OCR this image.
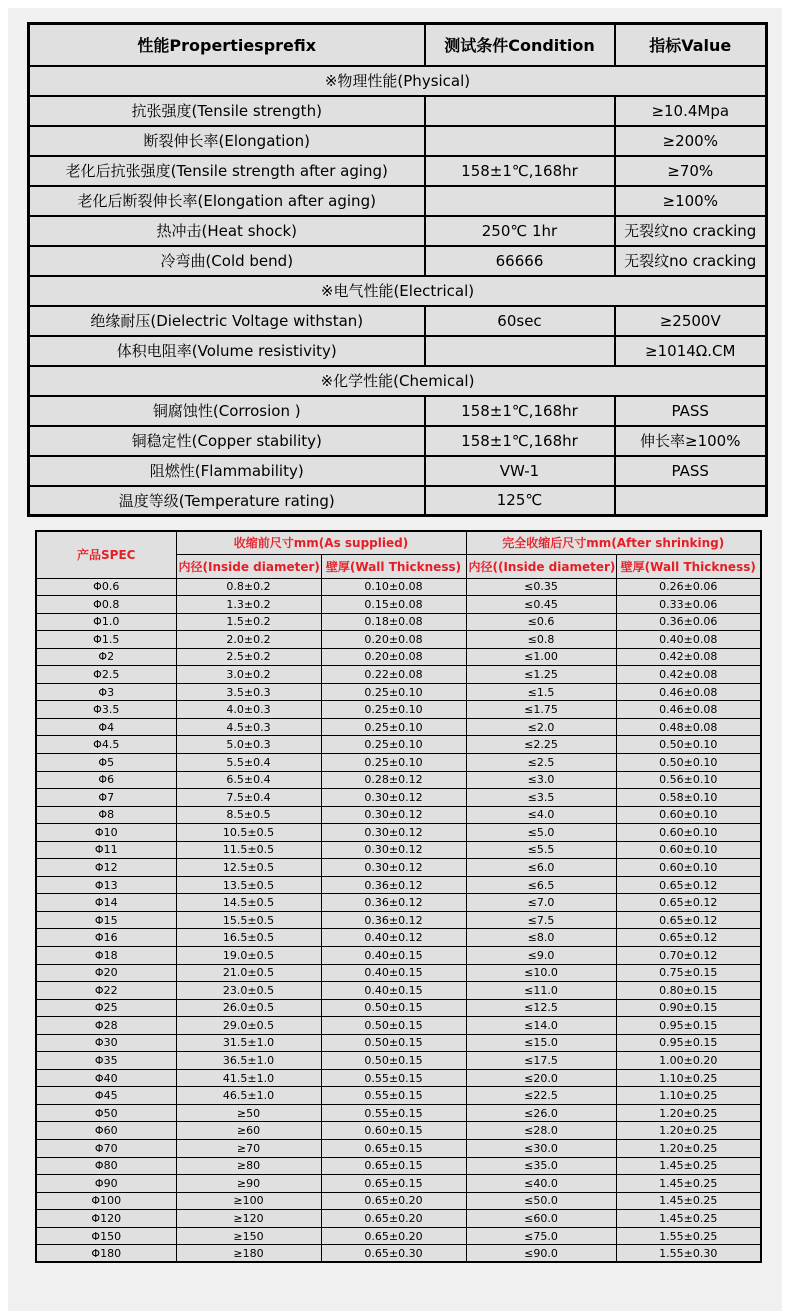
性能Propertiesprefix	测试条件Condition	指标Value
※物理性能(Physical)		
抗张强度(Tensile strength)		≥10.4Mpa
断裂伸长率(Elongation)		≥200%
老化后抗张强度(Tensile strength after aging)	158±1℃,168hr	≥70%
老化后断裂伸长率(Elongation after aging)		≥100%
热冲击(Heat shock)	250℃ 1hr	无裂纹no cracking
冷弯曲(Cold bend)	66666	无裂纹no cracking
※电气性能(Electrical)		
绝缘耐压(Dielectric Voltage withstan)	60sec	≥2500V
体积电阻率(Volume resistivity)		≥1014Ω.CM
※化学性能(Chemical)		
铜腐蚀性(Corrosion )	158±1℃,168hr	PASS
铜稳定性(Copper stability)	158±1℃,168hr	伸长率≥100%
阻燃性(Flammability)	VW-1	PASS
温度等级(Temperature rating)	125℃	
产品SPEC	收缩前尺寸mm(As supplied)		完全收缩后尺寸mm(After shrinking)	
	内径(Inside diameter)	壁厚(Wall Thickness)	内径((Inside diameter)	壁厚(Wall Thickness)
Φ0.6	0.8±0.2	0.10±0.08	≤0.35	0.26±0.06
Φ0.8	1.3±0.2	0.15±0.08	≤0.45	0.33±0.06
Φ1.0	1.5±0.2	0.18±0.08	≤0.6	0.36±0.06
Φ1.5	2.0±0.2	0.20±0.08	≤0.8	0.40±0.08
Φ2	2.5±0.2	0.20±0.08	≤1.00	0.42±0.08
Φ2.5	3.0±0.2	0.22±0.08	≤1.25	0.42±0.08
Φ3	3.5±0.3	0.25±0.10	≤1.5	0.46±0.08
Φ3.5	4.0±0.3	0.25±0.10	≤1.75	0.46±0.08
Φ4	4.5±0.3	0.25±0.10	≤2.0	0.48±0.08
Φ4.5	5.0±0.3	0.25±0.10	≤2.25	0.50±0.10
Φ5	5.5±0.4	0.25±0.10	≤2.5	0.50±0.10
Φ6	6.5±0.4	0.28±0.12	≤3.0	0.56±0.10
Φ7	7.5±0.4	0.30±0.12	≤3.5	0.58±0.10
Φ8	8.5±0.5	0.30±0.12	≤4.0	0.60±0.10
Φ10	10.5±0.5	0.30±0.12	≤5.0	0.60±0.10
Φ11	11.5±0.5	0.30±0.12	≤5.5	0.60±0.10
Φ12	12.5±0.5	0.30±0.12	≤6.0	0.60±0.10
Φ13	13.5±0.5	0.36±0.12	≤6.5	0.65±0.12
Φ14	14.5±0.5	0.36±0.12	≤7.0	0.65±0.12
Φ15	15.5±0.5	0.36±0.12	≤7.5	0.65±0.12
Φ16	16.5±0.5	0.40±0.12	≤8.0	0.65±0.12
Φ18	19.0±0.5	0.40±0.15	≤9.0	0.70±0.12
Φ20	21.0±0.5	0.40±0.15	≤10.0	0.75±0.15
Φ22	23.0±0.5	0.40±0.15	≤11.0	0.80±0.15
Φ25	26.0±0.5	0.50±0.15	≤12.5	0.90±0.15
Φ28	29.0±0.5	0.50±0.15	≤14.0	0.95±0.15
Φ30	31.5±1.0	0.50±0.15	≤15.0	0.95±0.15
Φ35	36.5±1.0	0.50±0.15	≤17.5	1.00±0.20
Φ40	41.5±1.0	0.55±0.15	≤20.0	1.10±0.25
Φ45	46.5±1.0	0.55±0.15	≤22.5	1.10±0.25
Φ50	≥50	0.55±0.15	≤26.0	1.20±0.25
Φ60	≥60	0.60±0.15	≤28.0	1.20±0.25
Φ70	≥70	0.65±0.15	≤30.0	1.20±0.25
Φ80	≥80	0.65±0.15	≤35.0	1.45±0.25
Φ90	≥90	0.65±0.15	≤40.0	1.45±0.25
Φ100	≥100	0.65±0.20	≤50.0	1.45±0.25
Φ120	≥120	0.65±0.20	≤60.0	1.45±0.25
Φ150	≥150	0.65±0.20	≤75.0	1.55±0.25
Φ180	≥180	0.65±0.30	≤90.0	1.55±0.30
